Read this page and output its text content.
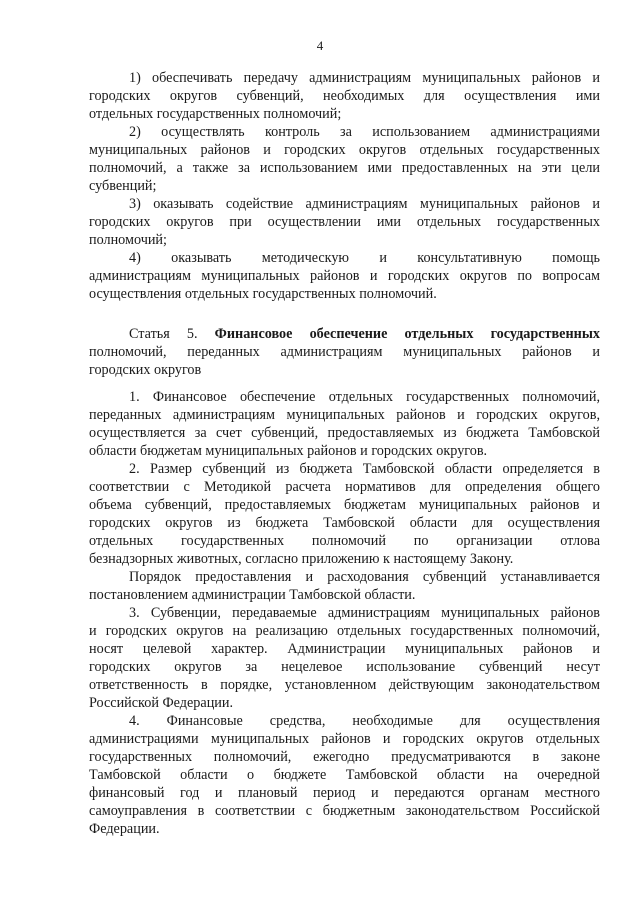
4
1) обеспечивать передачу администрациям муниципальных районов и
городских округов субвенций, необходимых для осуществления ими
отдельных государственных полномочий;
2) осуществлять контроль за использованием администрациями
муниципальных районов и городских округов отдельных государственных
полномочий, а также за использованием ими предоставленных на эти цели
субвенций;
3) оказывать содействие администрациям муниципальных районов и
городских округов при осуществлении ими отдельных государственных
полномочий;
4) оказывать методическую и консультативную помощь
администрациям муниципальных районов и городских округов по вопросам
осуществления отдельных государственных полномочий.
Статья 5. Финансовое обеспечение отдельных государственных
полномочий, переданных администрациям муниципальных районов и
городских округов
1. Финансовое обеспечение отдельных государственных полномочий,
переданных администрациям муниципальных районов и городских округов,
осуществляется за счет субвенций, предоставляемых из бюджета Тамбовской
области бюджетам муниципальных районов и городских округов.
2. Размер субвенций из бюджета Тамбовской области определяется в
соответствии с Методикой расчета нормативов для определения общего
объема субвенций, предоставляемых бюджетам муниципальных районов и
городских округов из бюджета Тамбовской области для осуществления
отдельных государственных полномочий по организации отлова
безнадзорных животных, согласно приложению к настоящему Закону.
Порядок предоставления и расходования субвенций устанавливается
постановлением администрации Тамбовской области.
3. Субвенции, передаваемые администрациям муниципальных районов
и городских округов на реализацию отдельных государственных полномочий,
носят целевой характер. Администрации муниципальных районов и
городских округов за нецелевое использование субвенций несут
ответственность в порядке, установленном действующим законодательством
Российской Федерации.
4. Финансовые средства, необходимые для осуществления
администрациями муниципальных районов и городских округов отдельных
государственных полномочий, ежегодно предусматриваются в законе
Тамбовской области о бюджете Тамбовской области на очередной
финансовый год и плановый период и передаются органам местного
самоуправления в соответствии с бюджетным законодательством Российской
Федерации.
